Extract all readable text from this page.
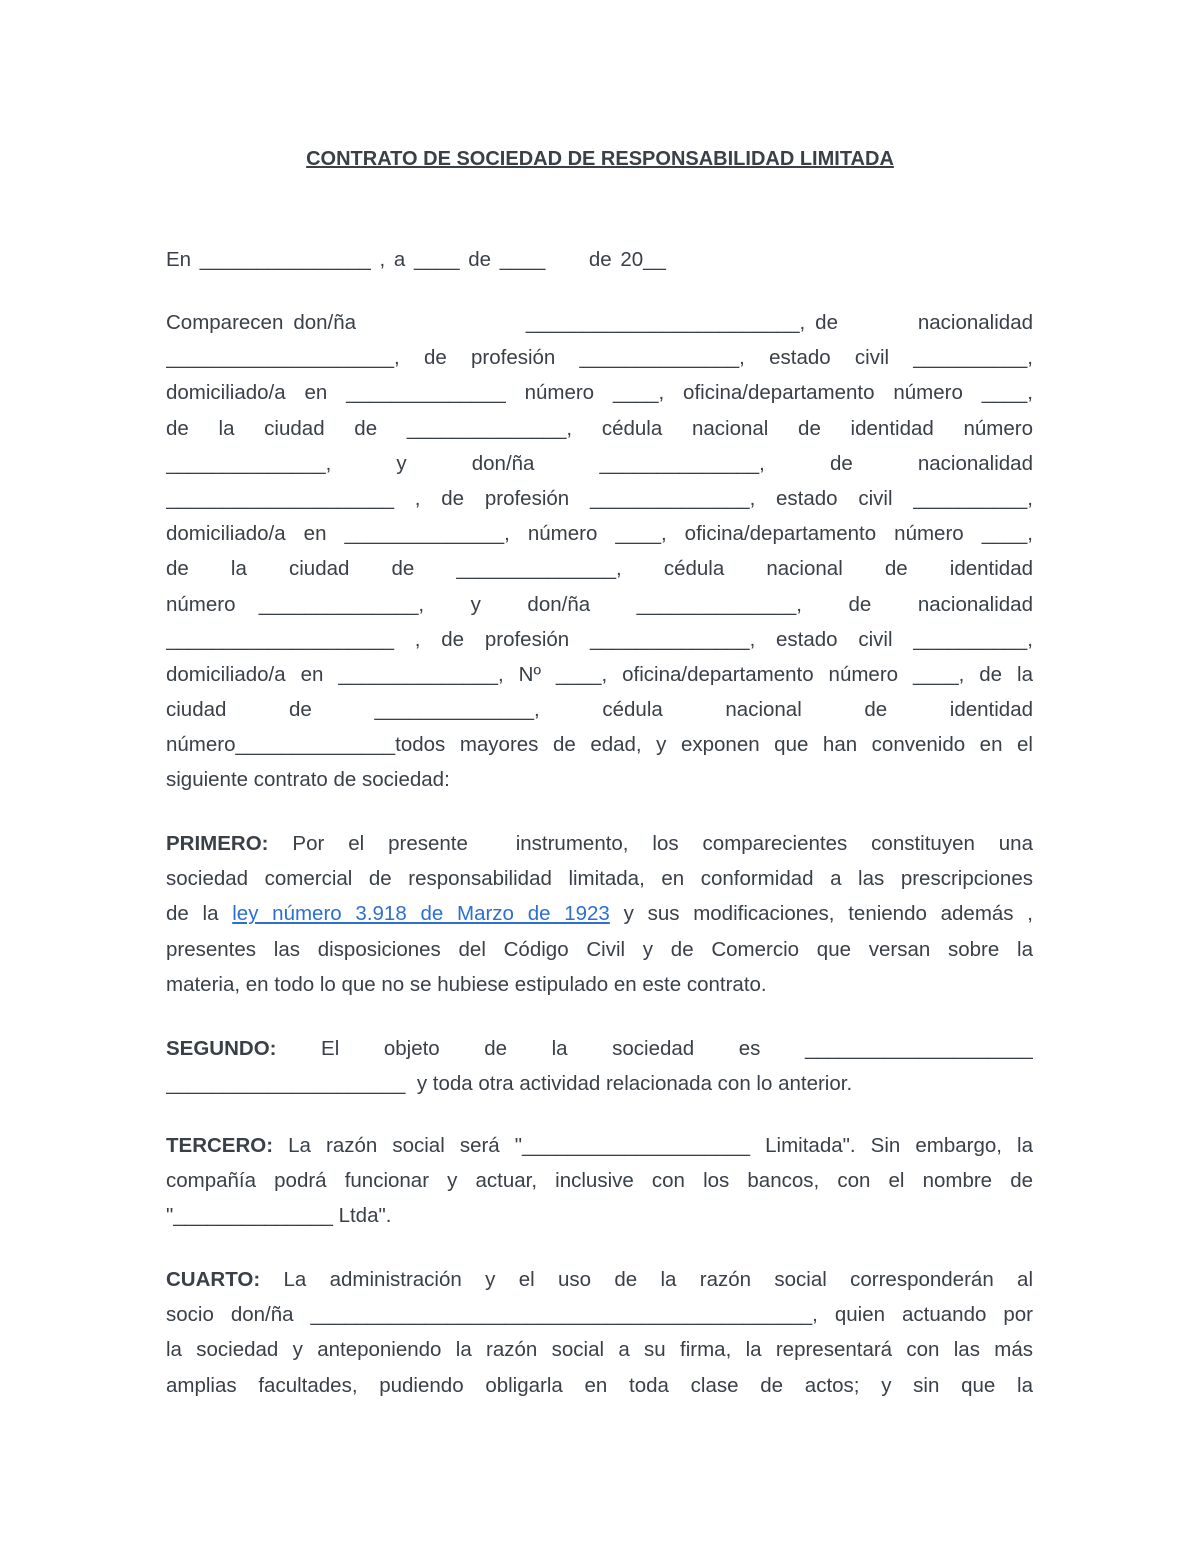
CONTRATO DE SOCIEDAD DE RESPONSABILIDAD LIMITADA
En _______________ , a ____ de ____     de 20__
Comparecen don/ña                 ________________________, de        nacionalidad
____________________, de profesión ______________, estado civil __________,
domiciliado/a en ______________ número ____, oficina/departamento número ____,
de la ciudad de ______________, cédula nacional de identidad número
______________,  y  don/ña  ______________,  de  nacionalidad
____________________ , de profesión ______________, estado civil __________,
domiciliado/a en ______________, número ____, oficina/departamento número ____,
de la ciudad de ______________, cédula nacional de identidad
número ______________,  y  don/ña  ______________,  de  nacionalidad
____________________ , de profesión ______________, estado civil __________,
domiciliado/a en ______________, Nº ____, oficina/departamento número ____, de la
ciudad de ______________, cédula nacional de identidad
número______________todos mayores de edad, y exponen que han convenido en el
siguiente contrato de sociedad:
PRIMERO: Por el presente  instrumento, los comparecientes constituyen una
sociedad comercial de responsabilidad limitada, en conformidad a las prescripciones
de la ley número 3.918 de Marzo de 1923 y sus modificaciones, teniendo además ,
presentes las disposiciones del Código Civil y de Comercio que versan sobre la
materia, en todo lo que no se hubiese estipulado en este contrato.
SEGUNDO: El objeto de la sociedad es ____________________
_____________________  y toda otra actividad relacionada con lo anterior.
TERCERO: La razón social será "____________________ Limitada". Sin embargo, la
compañía podrá funcionar y actuar, inclusive con los bancos, con el nombre de
"______________ Ltda".
CUARTO: La administración y el uso de la razón social corresponderán al
socio don/ña ____________________________________________, quien actuando por
la sociedad y anteponiendo la razón social a su firma, la representará con las más
amplias facultades, pudiendo obligarla en toda clase de actos; y sin que la
